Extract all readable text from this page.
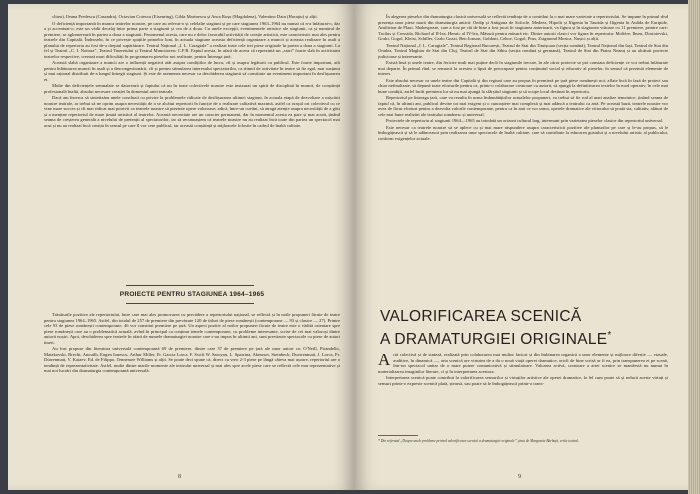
cliteu), Ileana Predescu (Casandra), Octavian Cotescu (Eisenring), Gilda Marinescu și Anca Roșu (Magdalena), Valentino Dain (Horațiu) și alții.

O deficiență importantă în munca teatrelor noastre, pe care au relevat-o și celelalte stagiuni și pe care stagiunea 1963–1964 nu numai că n-a înlăturat-o, dar a și accentuat-o, este un vădit decalaj între prima parte a stagiunii și cea de a doua. Cu unele excepții, evenimentele artistice ale stagiunii, ca și numărul de premiere, se aglomerează în partea a doua a stagiunii. Fenomenul acesta, care nu e deloc favorabil activității de creație artistică, este caracteristic mai ales pentru teatrele din Capitală. Îndeosebi, în ce privește spațiile primelor luni, în actuala stagiune aceasta deficiență organizare a muncii și aceasta realizare în asalt a planului de repertoriu au fost de-a dreptul supărătoare. Teatrul Național „I. L. Caragiale” a realizat toate cele trei piese originale în partea a doua a stagiunii. La fel și Teatrul „C. I. Nottara”, Teatrul Tineretului și Teatrul Muncitoresc C.F.R. Faptul acesta, în afară de aceea că reprezintă un „start” foarte slab în activitatea teatrelor respective, creează mari dificultăți în programarea pieselor noi realizate, pentru Întreaga țară.

Această slabă organizare a muncii are o influență negativă atât asupra condițiilor de lucru, cît și asupra legăturii cu publicul. Este foarte important, atît pentru înlăturarea muncii în asalt și a descongestionării, cît și pentru stimularea interesului spectatorilor, ca ritmul de activitate în teatre să fie egal, mai susținut și mai rațional distribuit de-a lungul întregii stagiuni. Și este de asemenea necesar ca deschiderea stagiunii să constituie un eveniment important în desfășurarea ei.

Multe din deficiențele semnalate se datorează și faptului că nu în toate colectivele noastre este instaurat un spirit de disciplină în muncă, de conștiință profesională înaltă, absolut necesare creației în domeniul artei teatrale.

Dacă am încerca să sintetizăm unele concluzii cu privire la problemele ridicate de desfășurarea ultimei stagiuni, în actuala etapă de dezvoltare a mișcării noastre teatrale, ar trebui să ne oprim asupra necesității de a se alcătui repertorii în funcție de o realizare calitativă maximă, astfel ca orașul ori colectivul cu ce vine mare succes și cît mai ridicat mai potrivit ca teatrele noastre să prezinte opere valoroase; adică, între-un cuvânt, să atragă atenție asupra necesității de a găsi și a menține repertoriul de mare ținută artistică al teatrelor. Această necesitate are un caracter permanent, dar în momentul acesta ea pare și mai acută, ținând seama de creșterea generală a nivelului de pretenții al spectatorilor, iar să recunoaștem că teatrele noastre nu au realizat încă toate din partea un spectacol mai acut și nu au realizat încă creația în sensul pe care îl vor cere publicul, iar această conștiință și mijloacele folosite în cadrul de înaltă calitate.

PROIECTE PENTRU STAGIUNEA 1964–1965

Trăsăturile pozitive ale repertoriului, între care mai ales promovarea cu precădere a repertoriului național, se reflectă și în noile propuneri făcute de teatre pentru stagiunea 1964–1965. Astfel, din totalul de 257 de premiere din prevăzute 120 de titluri de piese românești (contemporane — 93 și clasice — 27). Printre cele 93 de piese românești contemporane, 46 vor constitui premiere pe țară. Un aspect pozitiv al noilor propuneri făcute de teatre este o vădită orientare spre piese românești care au o problematică actuală, avînd în principal ca conținut temele contemporane, cu probleme interesante, scrise de cei mai valoroși dintre autorii noștri. Apoi, deschiderea spre teatrele în afară de numele dramaturgiei noastre care s-au impus în ultimii ani, sunt prevăzute spectacole cu piese de autori tineri.

Au fost propuse din literatura universală contemporană 69 de premiere, dintre care 37 de premiere pe țară ale unor autori ca: O'Neill, Pirandello, Maiakovski, Brecht, Anouilh, Eugen Ionescu, Arthur Miller, Fr. Garcia Lorca, F. Swift W. Saroyan, L. Sparrina, Akeunov, Steinbeck, Duerrenmatt, J. Lorca, Fr. Dürrenmatt, V. Kataev, Ed. de Filippo, Tennessee Williams și alții. Se poate deci spune că, direct cu vreo 2-3 piese pe lângă câteva mai ușoare, repertoriul are o tendință de reprezentativitate. Astfel, multe dintre marile momente ale teatrului universal și mai ales spre acele piese care se reflectă cele mai reprezentative și mai noi lucrări din dramaturgia contemporană universală.

8

În alegerea pieselor din dramaturgia clasică universală se reflectă tendința de a contribui la o mai mare varietate a repertoriului. Se impune în primul rînd prezența unor piese marii din dramaturgia antică: Oedip și Antigona de Sofocle, Medeea, Hipolit și Ifigenia în Taurida și Ifigenia în Aulida de Euripide, Amfitrion de Plaut. Shakespeare, care a fost pe cât de bine a fost jucat în stagiunea anterioară, va figura și în stagiunea viitoare cu 11 premiere, printre care: Troilus și Cressida, Richard al II-lea, Henric al IV-lea, Măsură pentru măsură etc. Dintre autorii clasici vor figura în repertoriu: Molière, Ibsen, Dostoievski, Gorki, Gogol, Kleist, Schiller, Carlo Gozzi, Ben Jonson, Goldoni, Cehov, Gogol, Prus, Zsigmond Moricz, Nușici și alții.

Teatrul Național „I. L. Caragiale”, Teatrul Regional București, Teatrul de Stat din Timișoara (secția română), Teatrul Național din Iași, Teatrul de Stat din Oradea, Teatrul Maghiar de Stat din Cluj, Teatrul de Stat din Sibiu (secția română și germană), Teatrul de Stat din Piatra Neamț și au alcătuit proiecte judicioase și interesante.

Există însă și unele teatre, din fericire mult mai puține decît în stagiunile trecute, în ale căror proiecte se pot constata deficiențe ce vor trebui înlăturate mai departe. În primul rînd, se remarcă la acestea o lipsă de preocupare pentru conținutul social și educativ al pieselor, în sensul că prezintă elemente de interes.

Este absolut necesar ca unele teatre din Capitală și din regiuni care au propus în premieră pe țară piese românești noi, aflate încă în fază de proiect sau chiar nefinalizate, să depună toate eforturile pentru ca, printr-o colaborare creatoare cu autorii, să ajungă la definitivarea textelor în mod operativ, în cele mai bune condiții, astfel încât premiera lor să nu mai ajungă la sfârșitul stagiunii și să ocupe locul destinat în repertoriu.

Repertoriul pe întreaga țară, care va rezulta în urma îmbunătățirilor actualelor propuneri, va trebui să fie rod al unei analize temeinice, ținând seama de faptul că, în ultimii ani, publicul devine tot mai exigent și o cunoaștere mai complexă și mai adâncă a teatrului ca artă. Pe această bază, teatrele noastre vor avea de făcut eforturi pentru a dezvolta valorile contemporane, pentru ca în anii ce vor urma, operele dramatice ale viitorului să poată sta, calitativ, alături de cele mai bune realizări ale teatrului românesc și universal.

Proiectele de repertoriu al stagiunii 1964—1965 au totodată un orizont cultural larg, interesant prin varietatea pieselor clasice din repertoriul universal.

Este necesar ca teatrele noastre să se aplece cu și mai mare răspundere asupra caracteristicii pozitive ale planurilor pe care și le-au propus, să le îmbogățească și să le adâncească prin realizarea unor spectacole de înaltă calitate, care să contribuie la educarea gustului și a nivelului artistic al publicului, conform exigențelor actuale.

VALORIFICAREA SCENICĂ
A DRAMATURGIEI ORIGINALE*

Artă colectivă și de sinteză, realizată prin colaborarea mai multor factori și din îmbinarea organică a unor elemente și mijloace diferite — vizuale, auditive, în dinamică —, arta scenică are virtutea de a da o nouă viață operei dramatice, oricît de bine scrisă ar fi ea, prin transpunerea ei pe scenă, într-un spectacol unitar de o mare putere comunicativă și stimulatoare. Valoarea activă, creatoare a artei scenice se manifestă nu numai în materializarea imaginilor literare, ci și în interpretarea acestora.

Interpretarea scenică poate contribui la valorificarea sensurilor și virtuților artistice ale operei dramatice, la fel cum poate să și reducă aceste virtuți și sensuri printr-o expresie scenică plată, ștearsă, sau poate să le îmbogățească printr-o trans-

* Din referatul „Despre unele probleme privind valorificarea scenică a dramaturgiei originale”, ținut de Margareta Bărbuță, critic teatral.
9
